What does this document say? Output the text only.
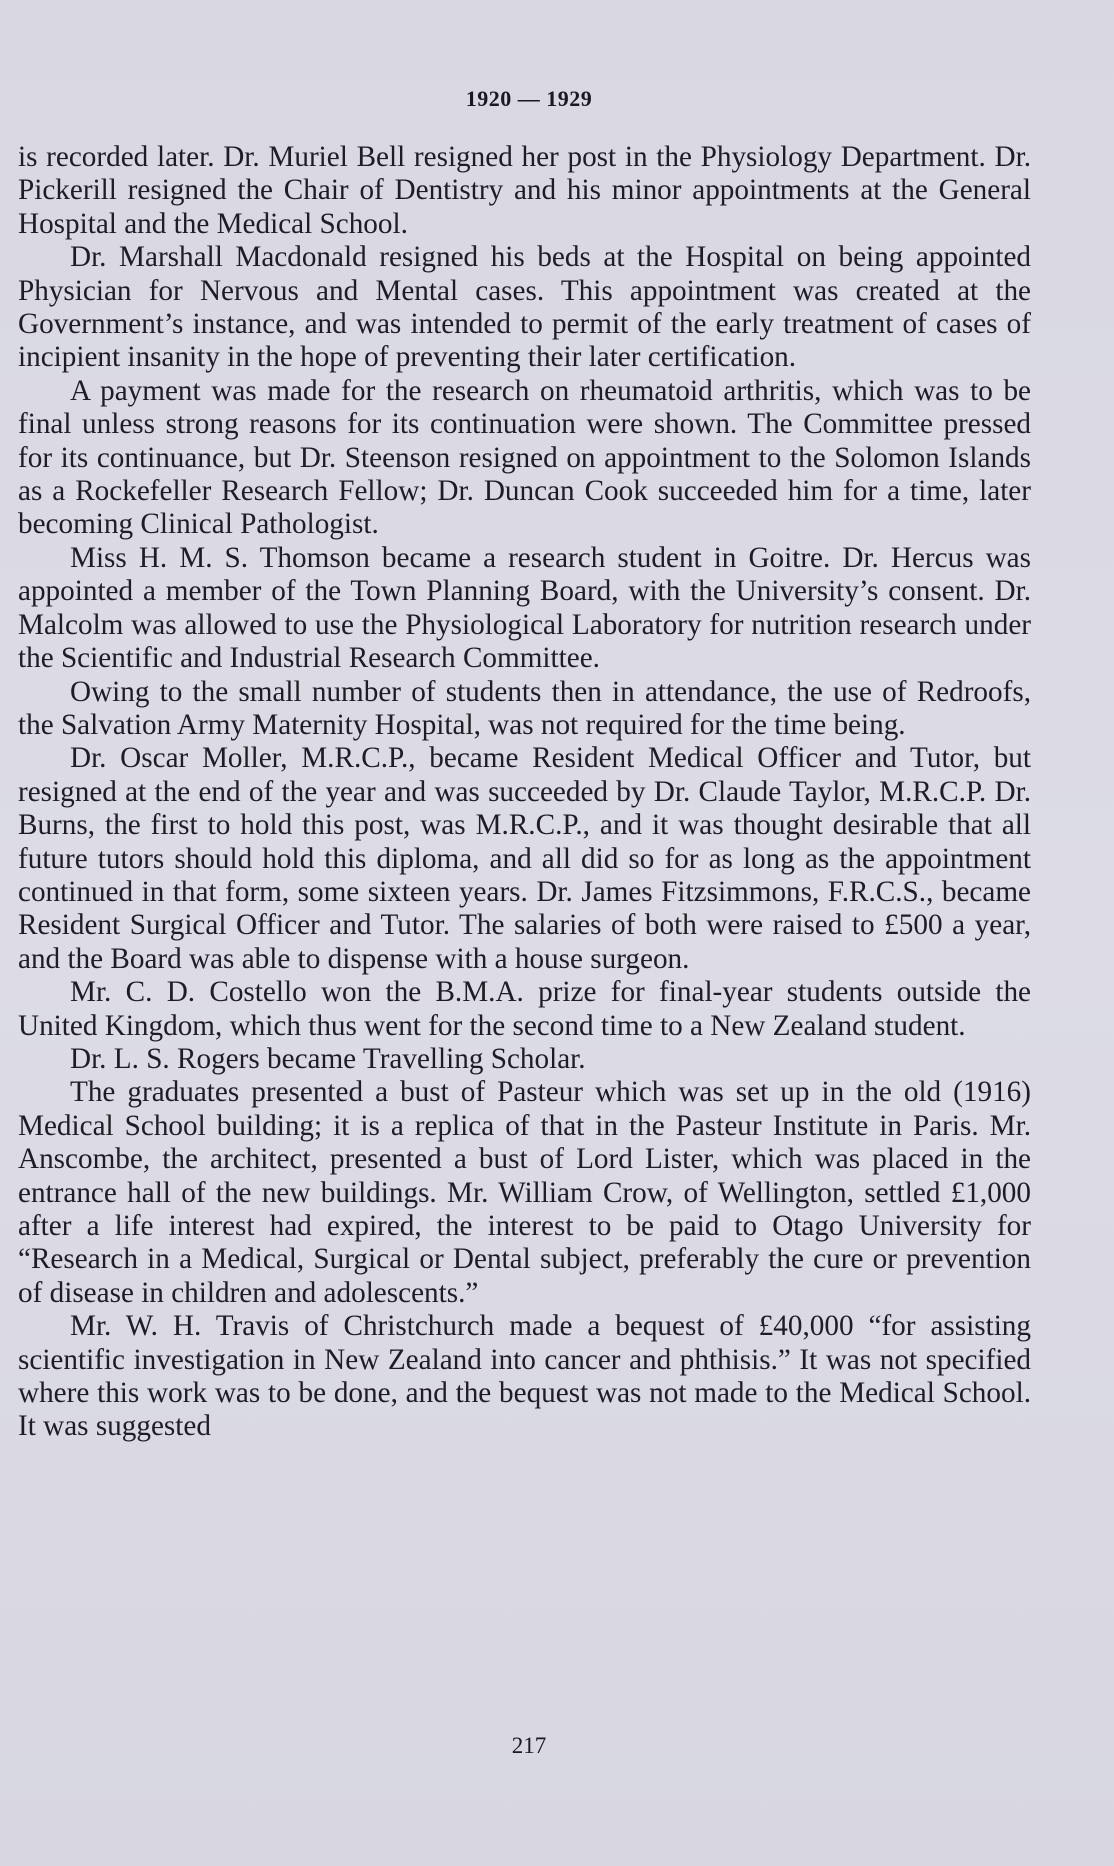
1920 — 1929

is recorded later. Dr. Muriel Bell resigned her post in the Physiology Department. Dr. Pickerill resigned the Chair of Dentistry and his minor appointments at the General Hospital and the Medical School.

Dr. Marshall Macdonald resigned his beds at the Hospital on being appointed Physician for Nervous and Mental cases. This appointment was created at the Government’s instance, and was intended to permit of the early treatment of cases of incipient insanity in the hope of preventing their later certification.

A payment was made for the research on rheumatoid arthritis, which was to be final unless strong reasons for its continuation were shown. The Committee pressed for its continuance, but Dr. Steenson resigned on appointment to the Solomon Islands as a Rockefeller Research Fellow; Dr. Duncan Cook succeeded him for a time, later becoming Clinical Pathologist.

Miss H. M. S. Thomson became a research student in Goitre. Dr. Hercus was appointed a member of the Town Planning Board, with the University’s consent. Dr. Malcolm was allowed to use the Physiological Laboratory for nutrition research under the Scientific and Industrial Research Committee.

Owing to the small number of students then in attendance, the use of Redroofs, the Salvation Army Maternity Hospital, was not required for the time being.

Dr. Oscar Moller, M.R.C.P., became Resident Medical Officer and Tutor, but resigned at the end of the year and was succeeded by Dr. Claude Taylor, M.R.C.P. Dr. Burns, the first to hold this post, was M.R.C.P., and it was thought desirable that all future tutors should hold this diploma, and all did so for as long as the appointment continued in that form, some sixteen years. Dr. James Fitzsimmons, F.R.C.S., became Resident Surgical Officer and Tutor. The salaries of both were raised to £500 a year, and the Board was able to dispense with a house surgeon.

Mr. C. D. Costello won the B.M.A. prize for final-year students outside the United Kingdom, which thus went for the second time to a New Zealand student.

Dr. L. S. Rogers became Travelling Scholar.

The graduates presented a bust of Pasteur which was set up in the old (1916) Medical School building; it is a replica of that in the Pasteur Institute in Paris. Mr. Anscombe, the architect, presented a bust of Lord Lister, which was placed in the entrance hall of the new buildings. Mr. William Crow, of Wellington, settled £1,000 after a life interest had expired, the interest to be paid to Otago University for “Research in a Medical, Surgical or Dental subject, preferably the cure or prevention of disease in children and adolescents.”

Mr. W. H. Travis of Christchurch made a bequest of £40,000 “for assisting scientific investigation in New Zealand into cancer and phthisis.” It was not specified where this work was to be done, and the bequest was not made to the Medical School. It was suggested

217
